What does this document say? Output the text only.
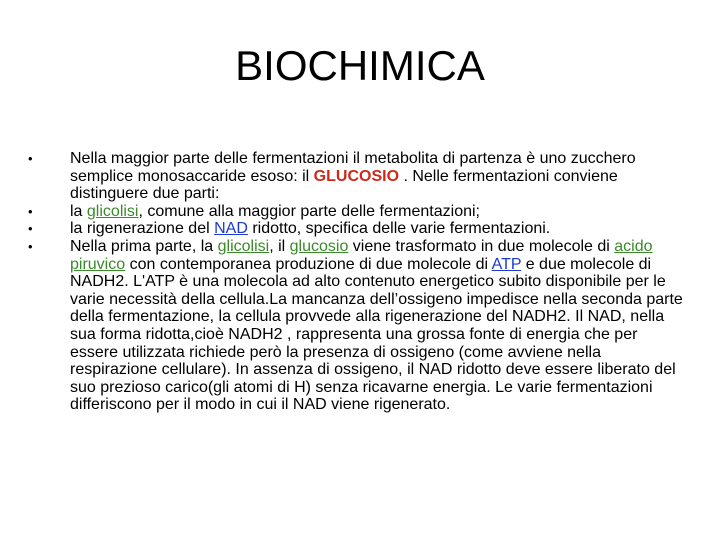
BIOCHIMICA
• Nella maggior parte delle fermentazioni il metabolita di partenza è uno zucchero semplice monosaccaride esoso: il GLUCOSIO . Nelle fermentazioni conviene distinguere due parti:
• la glicolisi, comune alla maggior parte delle fermentazioni;
• la rigenerazione del NAD ridotto, specifica delle varie fermentazioni.
• Nella prima parte, la glicolisi, il glucosio viene trasformato in due molecole di acido piruvico con contemporanea produzione di due molecole di ATP e due molecole di NADH2. L'ATP è una molecola ad alto contenuto energetico subito disponibile per le varie necessità della cellula.La mancanza dell’ossigeno impedisce nella seconda parte della fermentazione, la cellula provvede alla rigenerazione del NADH2. Il NAD, nella sua forma ridotta,cioè NADH2 , rappresenta una grossa fonte di energia che per essere utilizzata richiede però la presenza di ossigeno (come avviene nella respirazione cellulare). In assenza di ossigeno, il NAD ridotto deve essere liberato del suo prezioso carico(gli atomi di H) senza ricavarne energia. Le varie fermentazioni differiscono per il modo in cui il NAD viene rigenerato.
